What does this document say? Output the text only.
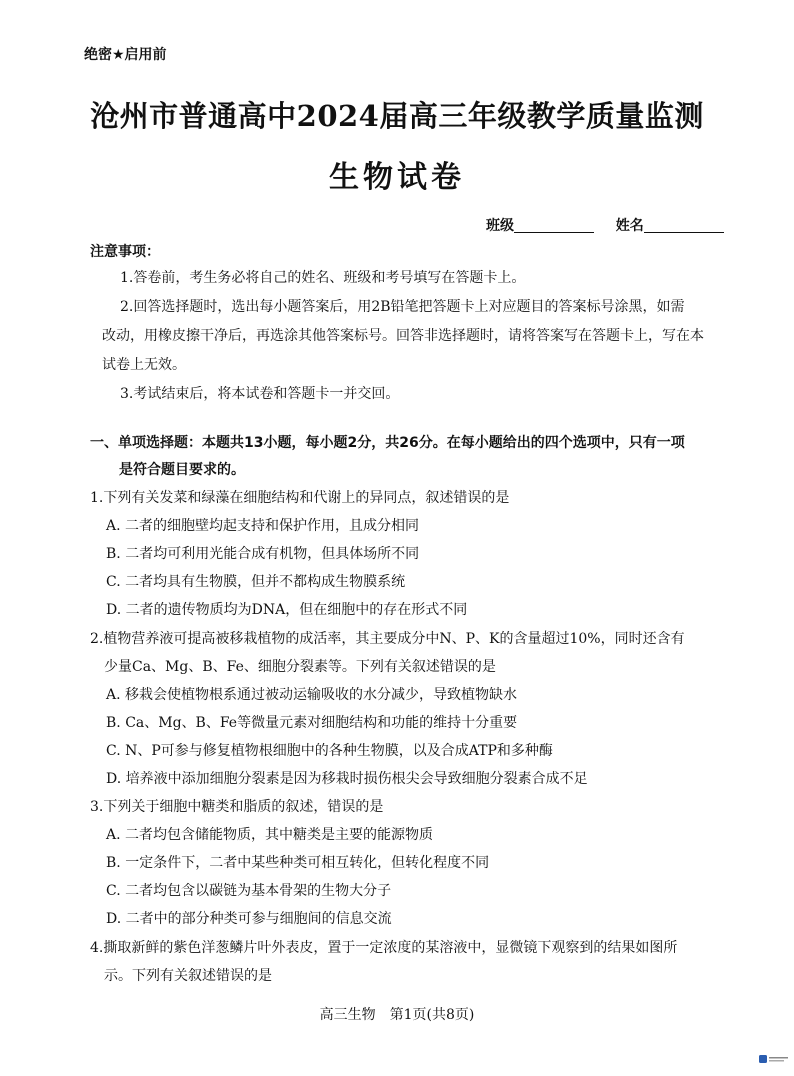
绝密★启用前
沧州市普通高中2024届高三年级教学质量监测
生物试卷
班级	姓名
注意事项：
1.答卷前，考生务必将自己的姓名、班级和考号填写在答题卡上。
2.回答选择题时，选出每小题答案后，用2B铅笔把答题卡上对应题目的答案标号涂黑，如需
改动，用橡皮擦干净后，再选涂其他答案标号。回答非选择题时，请将答案写在答题卡上，写在本
试卷上无效。
3.考试结束后，将本试卷和答题卡一并交回。
一、单项选择题：本题共13小题，每小题2分，共26分。在每小题给出的四个选项中，只有一项
是符合题目要求的。
1.下列有关发菜和绿藻在细胞结构和代谢上的异同点，叙述错误的是
A. 二者的细胞壁均起支持和保护作用，且成分相同
B. 二者均可利用光能合成有机物，但具体场所不同
C. 二者均具有生物膜，但并不都构成生物膜系统
D. 二者的遗传物质均为DNA，但在细胞中的存在形式不同
2.植物营养液可提高被移栽植物的成活率，其主要成分中N、P、K的含量超过10%，同时还含有
少量Ca、Mg、B、Fe、细胞分裂素等。下列有关叙述错误的是
A. 移栽会使植物根系通过被动运输吸收的水分减少，导致植物缺水
B. Ca、Mg、B、Fe等微量元素对细胞结构和功能的维持十分重要
C. N、P可参与修复植物根细胞中的各种生物膜，以及合成ATP和多种酶
D. 培养液中添加细胞分裂素是因为移栽时损伤根尖会导致细胞分裂素合成不足
3.下列关于细胞中糖类和脂质的叙述，错误的是
A. 二者均包含储能物质，其中糖类是主要的能源物质
B. 一定条件下，二者中某些种类可相互转化，但转化程度不同
C. 二者均包含以碳链为基本骨架的生物大分子
D. 二者中的部分种类可参与细胞间的信息交流
4.撕取新鲜的紫色洋葱鳞片叶外表皮，置于一定浓度的某溶液中，显微镜下观察到的结果如图所
示。下列有关叙述错误的是
高三生物　第1页(共8页)
